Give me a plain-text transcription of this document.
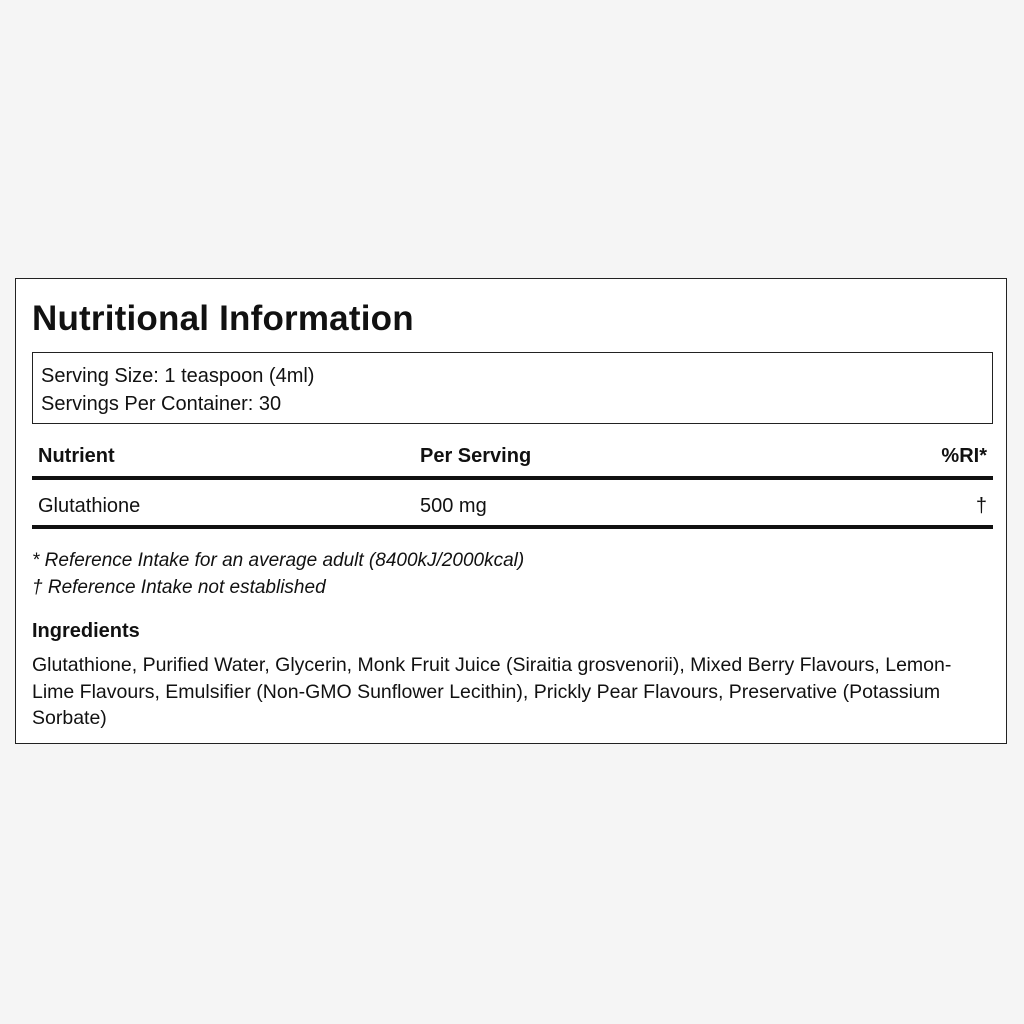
Nutritional Information
Serving Size: 1 teaspoon (4ml)
Servings Per Container: 30
Nutrient	Per Serving	%RI*
Glutathione	500 mg	†
* Reference Intake for an average adult (8400kJ/2000kcal)
† Reference Intake not established
Ingredients
Glutathione, Purified Water, Glycerin, Monk Fruit Juice (Siraitia grosvenorii), Mixed Berry Flavours, Lemon-Lime Flavours, Emulsifier (Non-GMO Sunflower Lecithin), Prickly Pear Flavours, Preservative (Potassium Sorbate)
